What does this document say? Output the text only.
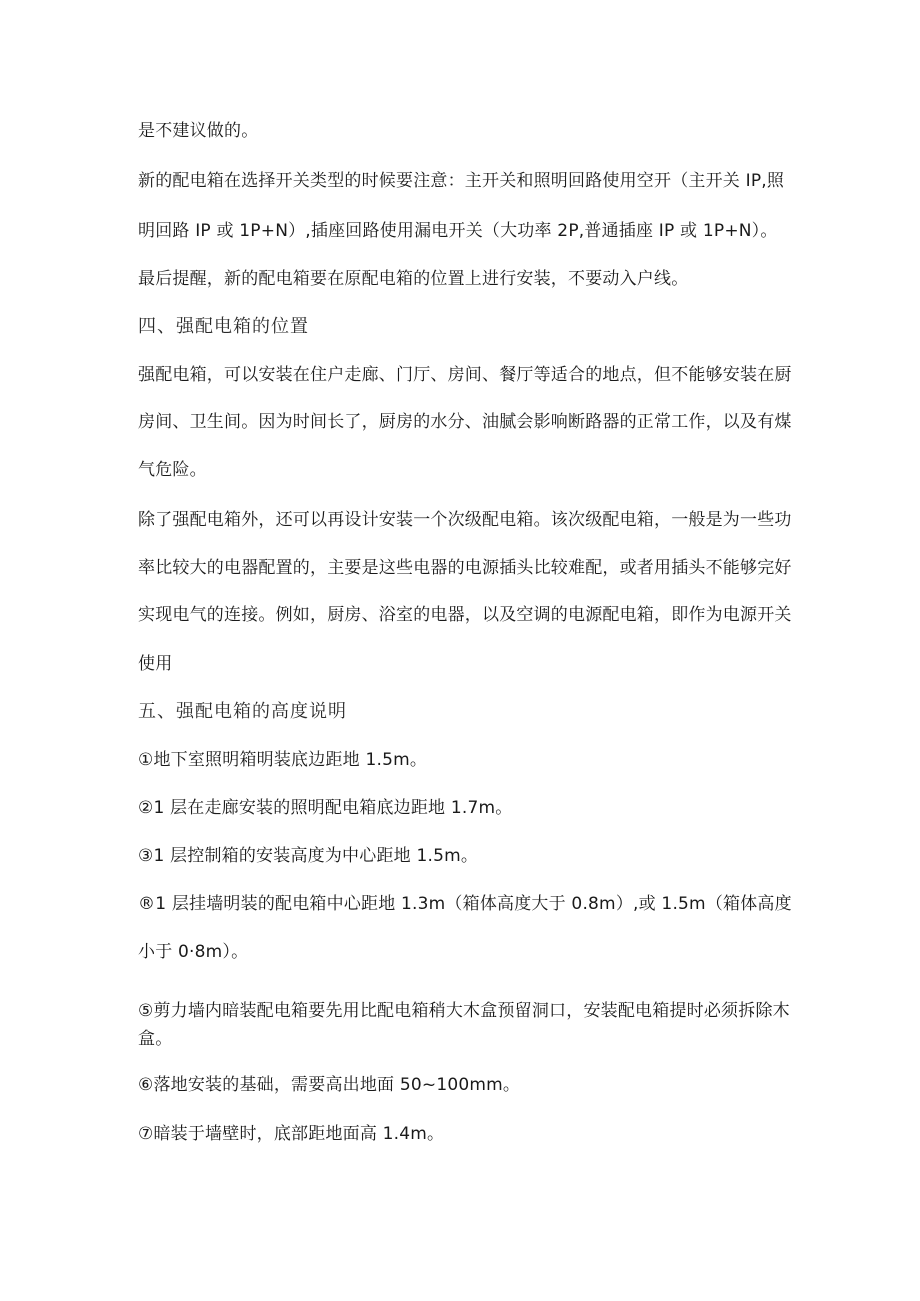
是不建议做的。
新的配电箱在选择开关类型的时候要注意：主开关和照明回路使用空开（主开关 IP,照
明回路 IP 或 1P+N）,插座回路使用漏电开关（大功率 2P,普通插座 IP 或 1P+N）。
最后提醒，新的配电箱要在原配电箱的位置上进行安装，不要动入户线。
四、强配电箱的位置
强配电箱，可以安装在住户走廊、门厅、房间、餐厅等适合的地点，但不能够安装在厨
房间、卫生间。因为时间长了，厨房的水分、油腻会影响断路器的正常工作，以及有煤
气危险。
除了强配电箱外，还可以再设计安装一个次级配电箱。该次级配电箱，一般是为一些功
率比较大的电器配置的，主要是这些电器的电源插头比较难配，或者用插头不能够完好
实现电气的连接。例如，厨房、浴室的电器，以及空调的电源配电箱，即作为电源开关
使用
五、强配电箱的高度说明
①地下室照明箱明装底边距地 1.5m。
②1 层在走廊安装的照明配电箱底边距地 1.7m。
③1 层控制箱的安装高度为中心距地 1.5m。
®1 层挂墙明装的配电箱中心距地 1.3m（箱体高度大于 0.8m）,或 1.5m（箱体高度
小于 0·8m）。
⑤剪力墙内暗装配电箱要先用比配电箱稍大木盒预留洞口，安装配电箱提时必须拆除木
盒。
⑥落地安装的基础，需要高出地面 50~100mm。
⑦暗装于墙壁时，底部距地面高 1.4m。
